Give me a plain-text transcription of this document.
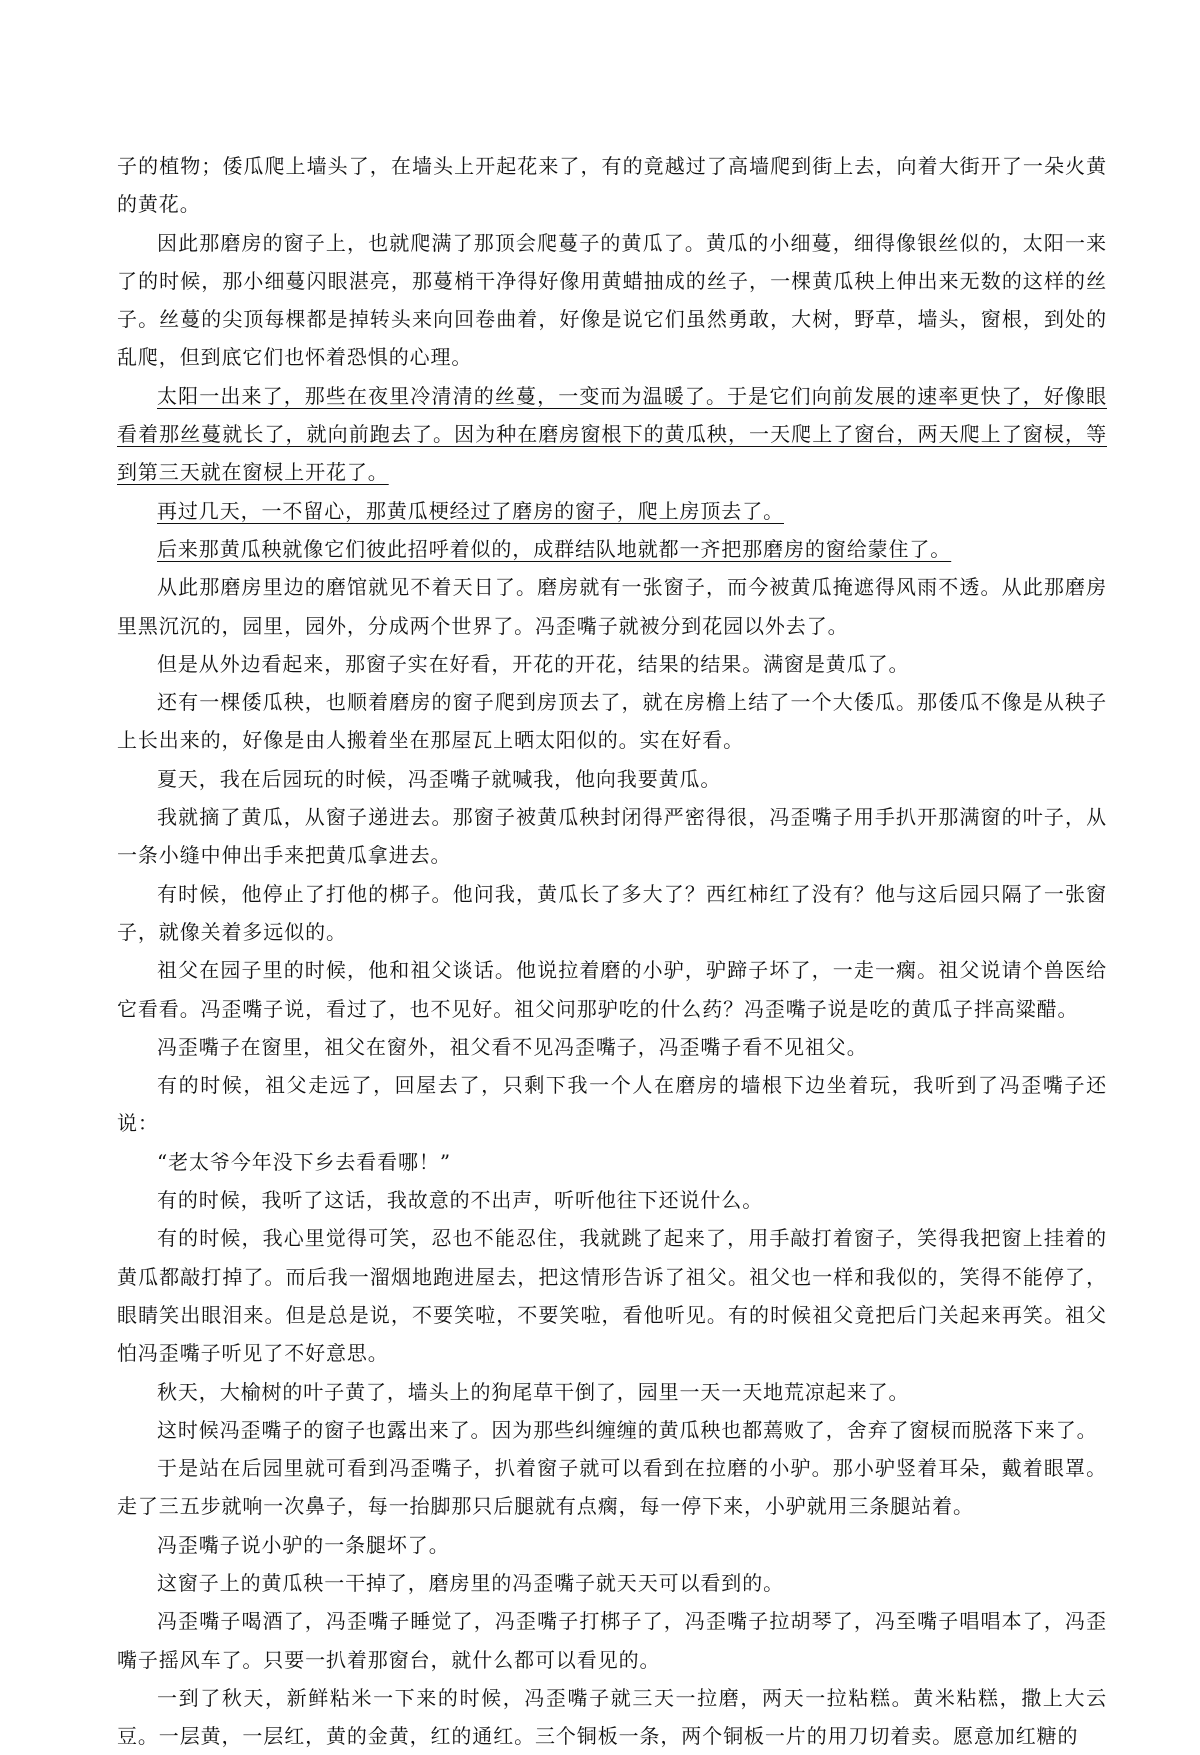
子的植物；倭瓜爬上墙头了，在墙头上开起花来了，有的竟越过了高墙爬到街上去，向着大街开了一朵火黄的黄花。

因此那磨房的窗子上，也就爬满了那顶会爬蔓子的黄瓜了。黄瓜的小细蔓，细得像银丝似的，太阳一来了的时候，那小细蔓闪眼湛亮，那蔓梢干净得好像用黄蜡抽成的丝子，一棵黄瓜秧上伸出来无数的这样的丝子。丝蔓的尖顶每棵都是掉转头来向回卷曲着，好像是说它们虽然勇敢，大树，野草，墙头，窗根，到处的乱爬，但到底它们也怀着恐惧的心理。

太阳一出来了，那些在夜里冷清清的丝蔓，一变而为温暖了。于是它们向前发展的速率更快了，好像眼看着那丝蔓就长了，就向前跑去了。因为种在磨房窗根下的黄瓜秧，一天爬上了窗台，两天爬上了窗棂，等到第三天就在窗棂上开花了。

再过几天，一不留心，那黄瓜梗经过了磨房的窗子，爬上房顶去了。

后来那黄瓜秧就像它们彼此招呼着似的，成群结队地就都一齐把那磨房的窗给蒙住了。

从此那磨房里边的磨馆就见不着天日了。磨房就有一张窗子，而今被黄瓜掩遮得风雨不透。从此那磨房里黑沉沉的，园里，园外，分成两个世界了。冯歪嘴子就被分到花园以外去了。

但是从外边看起来，那窗子实在好看，开花的开花，结果的结果。满窗是黄瓜了。

还有一棵倭瓜秧，也顺着磨房的窗子爬到房顶去了，就在房檐上结了一个大倭瓜。那倭瓜不像是从秧子上长出来的，好像是由人搬着坐在那屋瓦上晒太阳似的。实在好看。

夏天，我在后园玩的时候，冯歪嘴子就喊我，他向我要黄瓜。

我就摘了黄瓜，从窗子递进去。那窗子被黄瓜秧封闭得严密得很，冯歪嘴子用手扒开那满窗的叶子，从一条小缝中伸出手来把黄瓜拿进去。

有时候，他停止了打他的梆子。他问我，黄瓜长了多大了？西红柿红了没有？他与这后园只隔了一张窗子，就像关着多远似的。

祖父在园子里的时候，他和祖父谈话。他说拉着磨的小驴，驴蹄子坏了，一走一瘸。祖父说请个兽医给它看看。冯歪嘴子说，看过了，也不见好。祖父问那驴吃的什么药？冯歪嘴子说是吃的黄瓜子拌高粱醋。

冯歪嘴子在窗里，祖父在窗外，祖父看不见冯歪嘴子，冯歪嘴子看不见祖父。

有的时候，祖父走远了，回屋去了，只剩下我一个人在磨房的墙根下边坐着玩，我听到了冯歪嘴子还说：

“老太爷今年没下乡去看看哪！”

有的时候，我听了这话，我故意的不出声，听听他往下还说什么。

有的时候，我心里觉得可笑，忍也不能忍住，我就跳了起来了，用手敲打着窗子，笑得我把窗上挂着的黄瓜都敲打掉了。而后我一溜烟地跑进屋去，把这情形告诉了祖父。祖父也一样和我似的，笑得不能停了，眼睛笑出眼泪来。但是总是说，不要笑啦，不要笑啦，看他听见。有的时候祖父竟把后门关起来再笑。祖父怕冯歪嘴子听见了不好意思。

秋天，大榆树的叶子黄了，墙头上的狗尾草干倒了，园里一天一天地荒凉起来了。

这时候冯歪嘴子的窗子也露出来了。因为那些纠缠缠的黄瓜秧也都蔫败了，舍弃了窗棂而脱落下来了。

于是站在后园里就可看到冯歪嘴子，扒着窗子就可以看到在拉磨的小驴。那小驴竖着耳朵，戴着眼罩。走了三五步就响一次鼻子，每一抬脚那只后腿就有点瘸，每一停下来，小驴就用三条腿站着。

冯歪嘴子说小驴的一条腿坏了。

这窗子上的黄瓜秧一干掉了，磨房里的冯歪嘴子就天天可以看到的。

冯歪嘴子喝酒了，冯歪嘴子睡觉了，冯歪嘴子打梆子了，冯歪嘴子拉胡琴了，冯至嘴子唱唱本了，冯歪嘴子摇风车了。只要一扒着那窗台，就什么都可以看见的。

一到了秋天，新鲜粘米一下来的时候，冯歪嘴子就三天一拉磨，两天一拉粘糕。黄米粘糕，撒上大云豆。一层黄，一层红，黄的金黄，红的通红。三个铜板一条，两个铜板一片的用刀切着卖。愿意加红糖的
